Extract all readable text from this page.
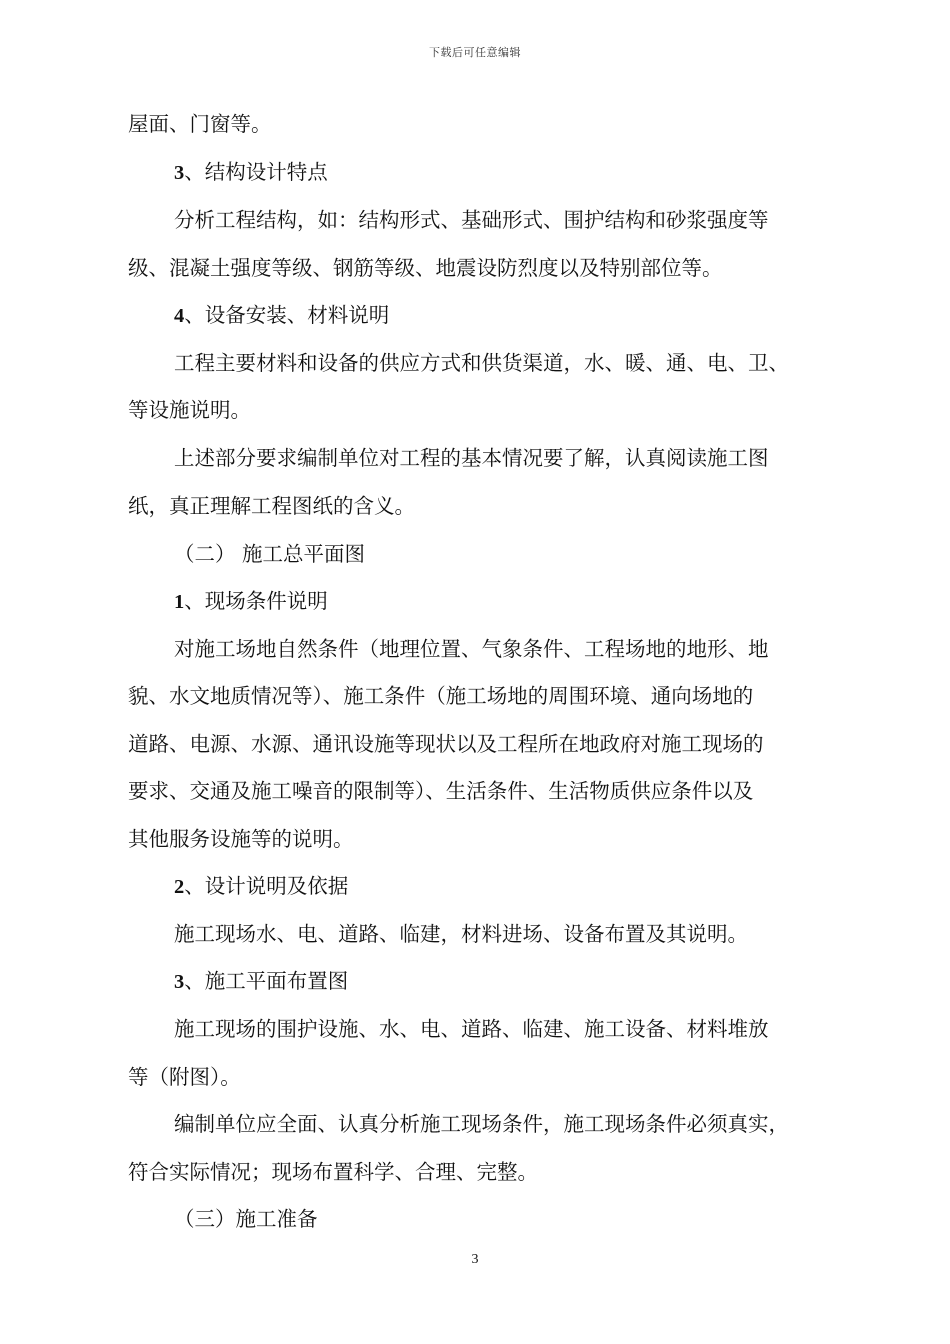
下载后可任意编辑
屋面、门窗等。
3、结构设计特点
分析工程结构，如：结构形式、基础形式、围护结构和砂浆强度等
级、混凝土强度等级、钢筋等级、地震设防烈度以及特别部位等。
4、设备安装、材料说明
工程主要材料和设备的供应方式和供货渠道，水、暖、通、电、卫、
等设施说明。
上述部分要求编制单位对工程的基本情况要了解，认真阅读施工图
纸，真正理解工程图纸的含义。
（二） 施工总平面图
1、现场条件说明
对施工场地自然条件（地理位置、气象条件、工程场地的地形、地
貌、水文地质情况等）、施工条件（施工场地的周围环境、通向场地的
道路、电源、水源、通讯设施等现状以及工程所在地政府对施工现场的
要求、交通及施工噪音的限制等）、生活条件、生活物质供应条件以及
其他服务设施等的说明。
2、设计说明及依据
施工现场水、电、道路、临建，材料进场、设备布置及其说明。
3、施工平面布置图
施工现场的围护设施、水、电、道路、临建、施工设备、材料堆放
等（附图）。
编制单位应全面、认真分析施工现场条件，施工现场条件必须真实，
符合实际情况；现场布置科学、合理、完整。
（三）施工准备
3
